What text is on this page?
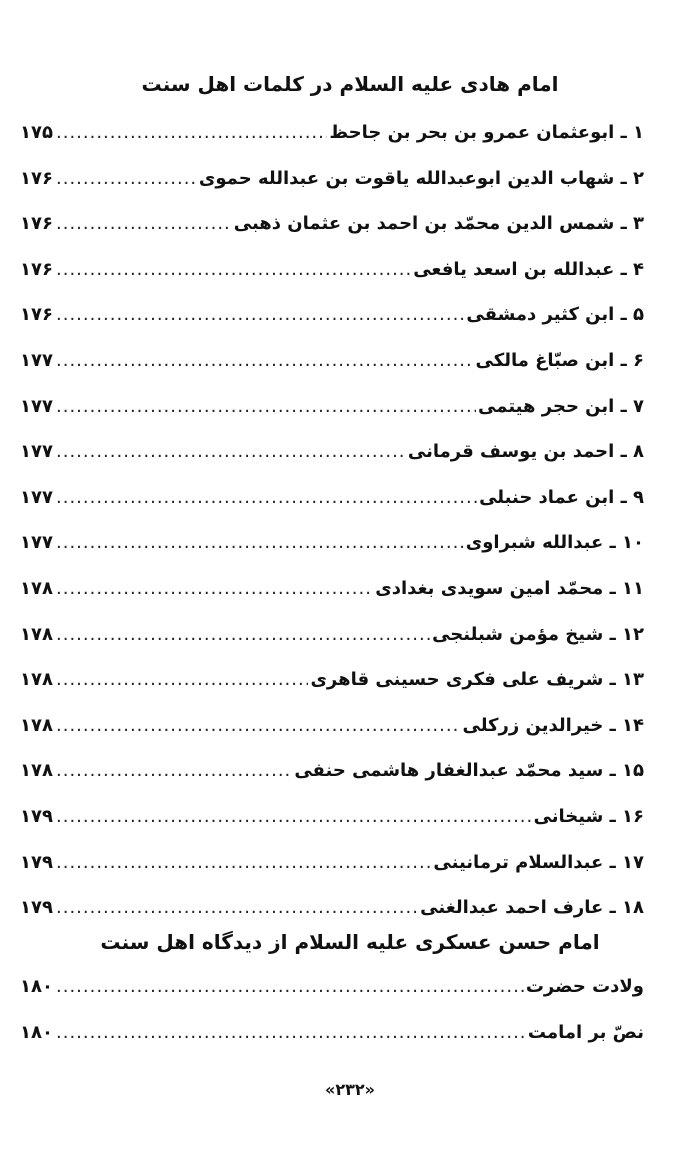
امام هادی عليه السلام در کلمات اهل سنت
۱ ـ ابوعثمان عمرو بن بحر بن جاحظ
.....
۱۷۵
۲ ـ شهاب الدين ابوعبدالله ياقوت بن عبدالله حموی
.....
۱۷۶
۳ ـ شمس الدين محمّد بن احمد بن عثمان ذهبی
.....
۱۷۶
۴ ـ عبدالله بن اسعد يافعی
.....
۱۷۶
۵ ـ ابن کثير دمشقی
.....
۱۷۶
۶ ـ ابن صبّاغ مالکی
.....
۱۷۷
۷ ـ ابن حجر هيتمی
.....
۱۷۷
۸ ـ احمد بن يوسف قرمانی
.....
۱۷۷
۹ ـ ابن عماد حنبلی
.....
۱۷۷
۱۰ ـ عبدالله شبراوی
.....
۱۷۷
۱۱ ـ محمّد امين سويدی بغدادی
.....
۱۷۸
۱۲ ـ شيخ مؤمن شبلنجی
.....
۱۷۸
۱۳ ـ شريف علی فکری حسينی قاهری
.....
۱۷۸
۱۴ ـ خيرالدين زرکلی
.....
۱۷۸
۱۵ ـ سيد محمّد عبدالغفار هاشمی حنفی
.....
۱۷۸
۱۶ ـ شيخانی
.....
۱۷۹
۱۷ ـ عبدالسلام ترمانينی
.....
۱۷۹
۱۸ ـ عارف احمد عبدالغنی
.....
۱۷۹
امام حسن عسکری عليه السلام از ديدگاه اهل سنت
ولادت حضرت
.....
۱۸۰
نصّ بر امامت
.....
۱۸۰
«۲۳۲»
